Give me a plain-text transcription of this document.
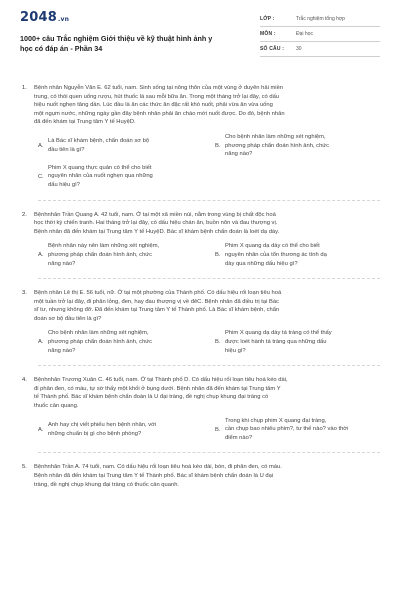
2048.vn
1000+ câu Trắc nghiệm Giới thiệu về kỹ thuật hình ảnh y
học có đáp án - Phần 34
LỚP :	Trắc nghiệm tổng hợp
MÔN :	Đại học
SỐ CÂU :	30
1.	Bệnh nhân Nguyễn Văn E. 62 tuổi, nam. Sinh sống tại nông thôn của một vùng ở duyên hải miền
trung, có thói quen uống rượu, hút thuốc lá sau mỗi bữa ăn. Trong một tháng trở lại đây, có dấu
hiệu nuốt nghẹn tăng dần. Lúc đầu là ăn các thức ăn đặc rất khó nuốt, phải vừa ăn vừa uống
một ngụm nước, những ngày gần đây bệnh nhân phải ăn cháo mới nuốt được. Do đó, bệnh nhân
đã đến khám tại Trung tâm Y tế HuyệD.
A.
Là Bác sĩ khám bệnh, chẩn đoán sơ bộ
đầu tiên là gì?
B.
Cho bệnh nhân làm những xét nghiệm,
phương pháp chẩn đoán hình ảnh, chức
năng nào?
C.
Phim X quang thực quản có thể cho biết
nguyên nhân của nuốt nghẹn qua những
dấu hiệu gì?
2.	Bệnhnhân Trần Quang A. 42 tuổi, nam. Ở tại một xã miền núi, nằm trong vùng bị chất độc hoá
học thời kỳ chiến tranh. Hai tháng trở lại đây, có dấu hiệu chán ăn, buồn nôn và đau thượng vị.
Bệnh nhân đã đến khám tại Trung tâm Y tế HuyệD. Bác sĩ khám bệnh chẩn đoán là loét dạ dày.
A.
Bệnh nhân này nên làm những xét nghiệm,
phương pháp chẩn đoán hình ảnh, chức
năng nào?
B.
Phim X quang dạ dày có thể cho biết
nguyên nhân của tổn thương ác tính dạ
dày qua những dấu hiệu gì?
3.	Bệnh nhân Lê thị E. 56 tuổi, nữ. Ở tại một phường của Thành phố. Có dấu hiệu rối loạn tiêu hoá
một tuần trở lại đây, đi phân lỏng, đen, hay đau thượng vị về đêC. Bệnh nhân đã điều trị tại Bác
sĩ tư, nhưng không đỡ. Đã đến khám tại Trung tâm Y tế Thành phố. Là Bác sĩ khám bệnh, chẩn
đoán sơ bộ đầu tiên là gì?
A.
Cho bệnh nhân làm những xét nghiệm,
phương pháp chẩn đoán hình ảnh, chức
năng nào?
B.
Phim X quang dạ dày tá tràng có thể thấy
được loét hành tá tràng qua những dấu
hiệu gì?
4.	Bệnhnhân Trương Xuân C. 46 tuổi, nam. Ở tại Thành phố D. Có dấu hiệu rối loạn tiêu hoá kéo dài,
đi phân đen, có máu, tự sờ thấy một khối ở bụng dưới. Bệnh nhân đã đến khám tại Trung tâm Y
tế Thành phố. Bác sĩ khám bệnh chẩn đoán là U đại tràng, đề nghị chụp khung đại tràng có
thuốc cản quang.
A.
Anh hay chị viết phiếu hẹn bệnh nhân, với
những chuẩn bị gì cho bệnh phòng?
B.
Trong khi chụp phim X quang đại tràng,
cần chụp bao nhiêu phim?, tư thế nào? vào thời
điểm nào?
5.	Bệnhnhân Trần A. 74 tuổi, nam. Có dấu hiệu rối loạn tiêu hoá kéo dài, bón, đi phân đen, có máu.
Bệnh nhân đã đến khám tại Trung tâm Y tế Thành phố. Bác sĩ khám bệnh chẩn đoán là U đại
tràng, đề nghị chụp khung đại tràng có thuốc cản quanh.
